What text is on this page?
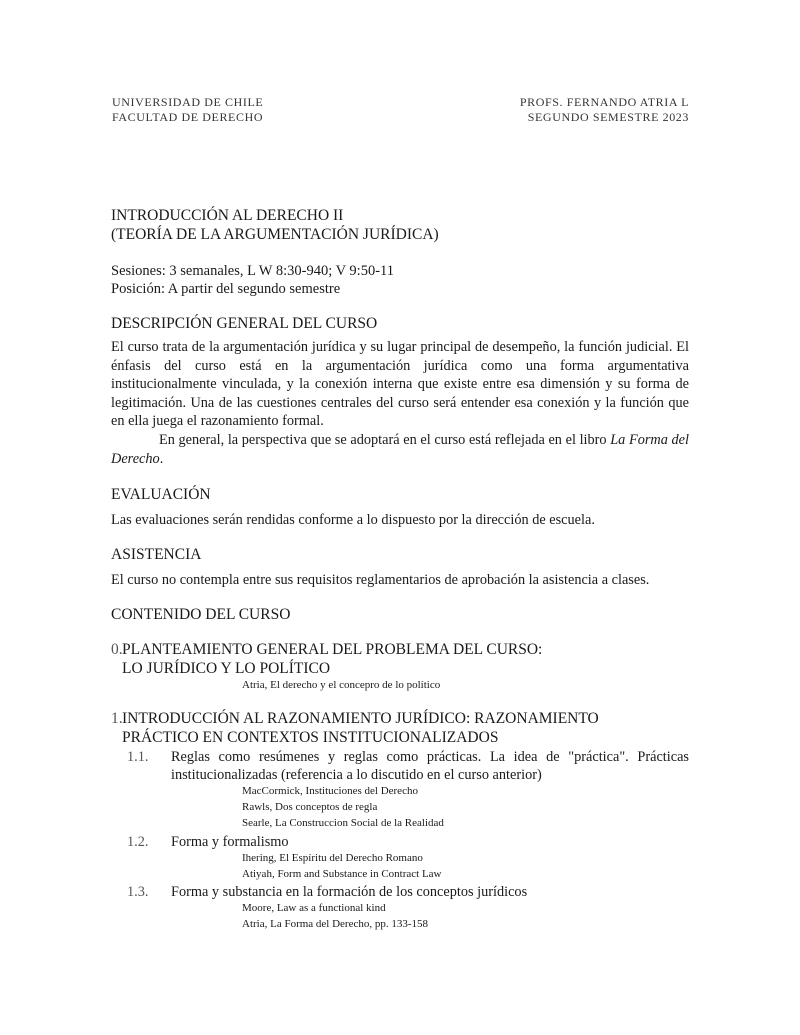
UNIVERSIDAD DE CHILE
FACULTAD DE DERECHO
PROFS. FERNANDO ATRIA L
SEGUNDO SEMESTRE 2023
INTRODUCCIÓN AL DERECHO II
(TEORÍA DE LA ARGUMENTACIÓN JURÍDICA)
Sesiones: 3 semanales, L W 8:30-940; V 9:50-11
Posición: A partir del segundo semestre
DESCRIPCIÓN GENERAL DEL CURSO

El curso trata de la argumentación jurídica y su lugar principal de desempeño, la función judicial. El énfasis del curso está en la argumentación jurídica como una forma argumentativa institucionalmente vinculada, y la conexión interna que existe entre esa dimensión y su forma de legitimación. Una de las cuestiones centrales del curso será entender esa conexión y la función que en ella juega el razonamiento formal.

En general, la perspectiva que se adoptará en el curso está reflejada en el libro La Forma del Derecho.

EVALUACIÓN
Las evaluaciones serán rendidas conforme a lo dispuesto por la dirección de escuela.
ASISTENCIA
El curso no contempla entre sus requisitos reglamentarios de aprobación la asistencia a clases.
CONTENIDO DEL CURSO
0.PLANTEAMIENTO GENERAL DEL PROBLEMA DEL CURSO:
LO JURÍDICO Y LO POLÍTICO
Atria, El derecho y el concepro de lo político
1.INTRODUCCIÓN AL RAZONAMIENTO JURÍDICO: RAZONAMIENTO
PRÁCTICO EN CONTEXTOS INSTITUCIONALIZADOS
1.1. Reglas como resúmenes y reglas como prácticas. La idea de "práctica". Prácticas institucionalizadas (referencia a lo discutido en el curso anterior)
MacCormick, Instituciones del Derecho
Rawls, Dos conceptos de regla
Searle, La Construccion Social de la Realidad
1.2. Forma y formalismo
Ihering, El Espíritu del Derecho Romano
Atiyah, Form and Substance in Contract Law
1.3. Forma y substancia en la formación de los conceptos jurídicos
Moore, Law as a functional kind
Atria, La Forma del Derecho, pp. 133-158
